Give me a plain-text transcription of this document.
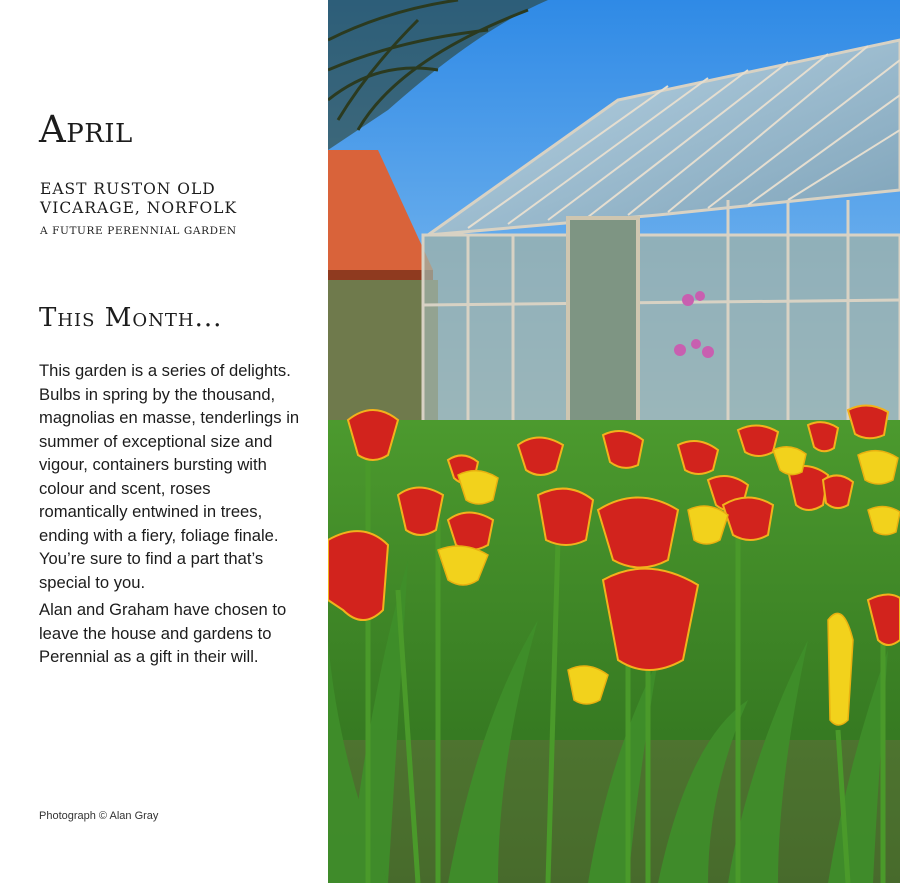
April
EAST RUSTON OLD VICARAGE, NORFOLK
A FUTURE PERENNIAL GARDEN
This Month...

This garden is a series of delights. Bulbs in spring by the thousand, magnolias en masse, tenderlings in summer of exceptional size and vigour, containers bursting with colour and scent, roses romantically entwined in trees, ending with a fiery, foliage finale. You’re sure to find a part that’s special to you.

Alan and Graham have chosen to leave the house and gardens to Perennial as a gift in their will.

Photograph © Alan Gray
